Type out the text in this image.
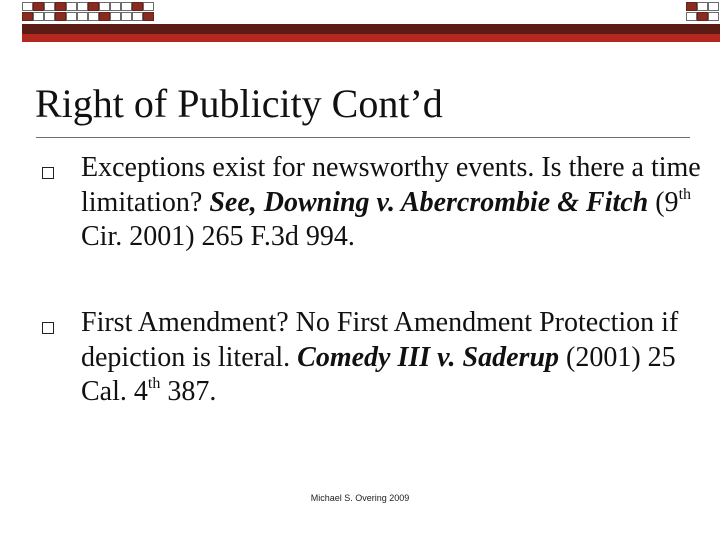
Right of Publicity Cont’d
Exceptions exist for newsworthy events. Is there a time limitation? See, Downing v. Abercrombie & Fitch (9th Cir. 2001) 265 F.3d 994.
First Amendment? No First Amendment Protection if depiction is literal. Comedy III v. Saderup (2001) 25 Cal. 4th 387.
Michael S. Overing 2009
